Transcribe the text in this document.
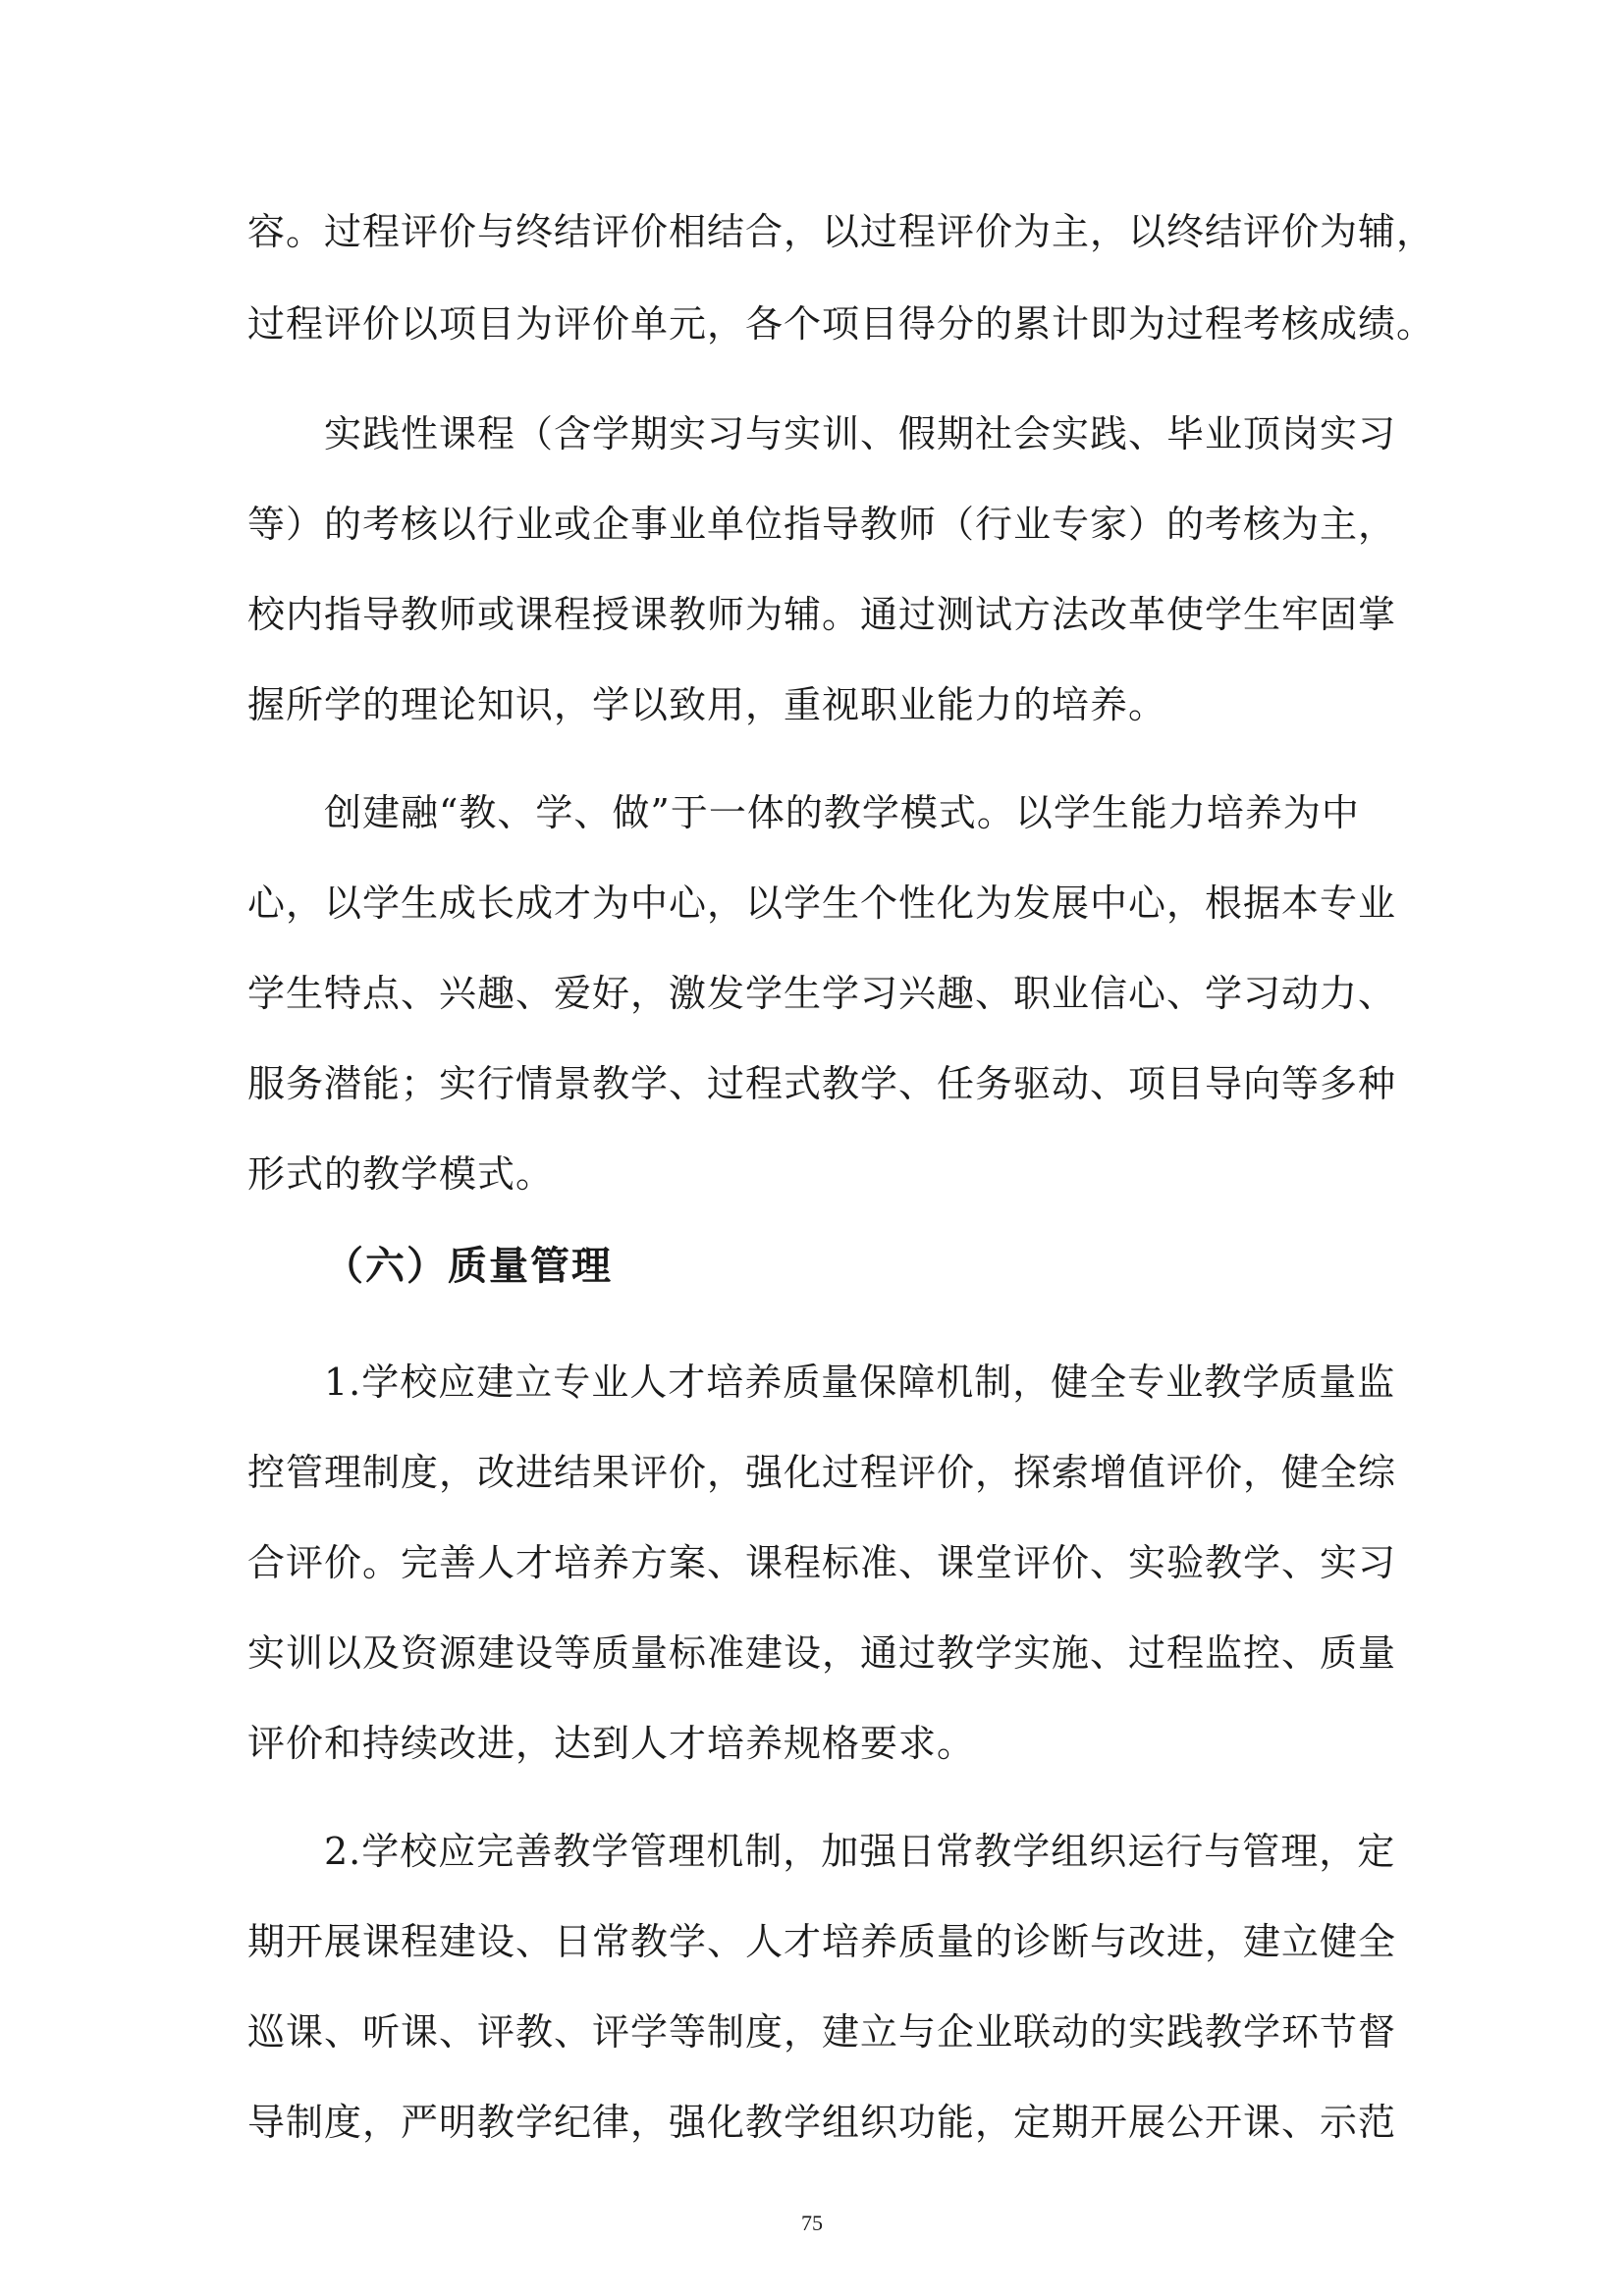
容。过程评价与终结评价相结合，以过程评价为主，以终结评价为辅，
过程评价以项目为评价单元，各个项目得分的累计即为过程考核成绩。
实践性课程（含学期实习与实训、假期社会实践、毕业顶岗实习
等）的考核以行业或企事业单位指导教师（行业专家）的考核为主，
校内指导教师或课程授课教师为辅。通过测试方法改革使学生牢固掌
握所学的理论知识，学以致用，重视职业能力的培养。
创建融“教、学、做”于一体的教学模式。以学生能力培养为中
心，以学生成长成才为中心，以学生个性化为发展中心，根据本专业
学生特点、兴趣、爱好，激发学生学习兴趣、职业信心、学习动力、
服务潜能；实行情景教学、过程式教学、任务驱动、项目导向等多种
形式的教学模式。
（六）质量管理
1.学校应建立专业人才培养质量保障机制，健全专业教学质量监
控管理制度，改进结果评价，强化过程评价，探索增值评价，健全综
合评价。完善人才培养方案、课程标准、课堂评价、实验教学、实习
实训以及资源建设等质量标准建设，通过教学实施、过程监控、质量
评价和持续改进，达到人才培养规格要求。
2.学校应完善教学管理机制，加强日常教学组织运行与管理，定
期开展课程建设、日常教学、人才培养质量的诊断与改进，建立健全
巡课、听课、评教、评学等制度，建立与企业联动的实践教学环节督
导制度，严明教学纪律，强化教学组织功能，定期开展公开课、示范
75
